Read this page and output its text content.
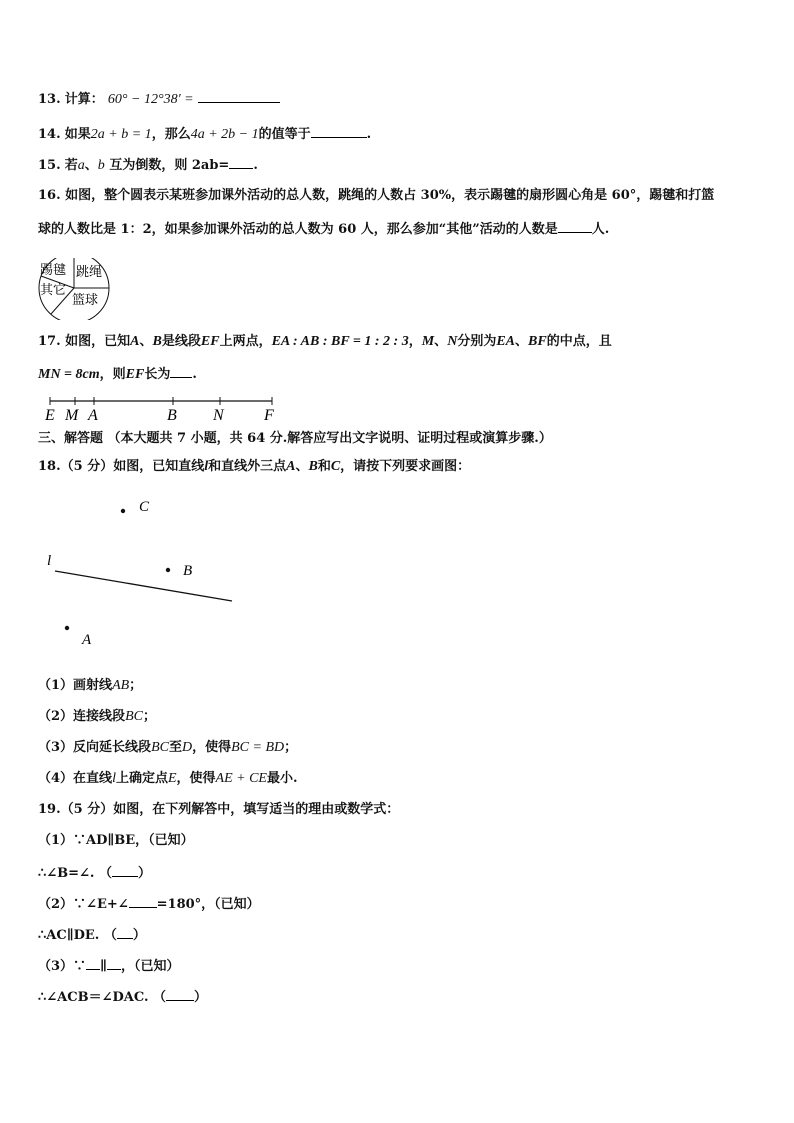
13. 计算： 60° − 12°38′ =
14. 如果2a + b = 1，那么4a + 2b − 1的值等于	.
15. 若a、b 互为倒数，则 2ab= .
16. 如图，整个圆表示某班参加课外活动的总人数，跳绳的人数占 30%，表示踢毽的扇形圆心角是 60°，踢毽和打篮
球的人数比是 1：2，如果参加课外活动的总人数为 60 人，那么参加“其他”活动的人数是	人.
踢毽 跳绳
其它
篮球
17. 如图，已知A、B是线段EF上两点，EA : AB : BF = 1 : 2 : 3，M、N分别为EA、BF的中点，且
MN = 8cm，则EF长为 .
E M A	B N	F
三、解答题 （本大题共 7 小题，共 64 分.解答应写出文字说明、证明过程或演算步骤.）
18.（5 分）如图，已知直线l和直线外三点A、B和C，请按下列要求画图：
C
l
B
A
（1）画射线AB；
（2）连接线段BC；
（3）反向延长线段BC至D，使得BC = BD；
（4）在直线l上确定点E，使得AE + CE最小.
19.（5 分）如图，在下列解答中，填写适当的理由或数学式：
（1）∵AD∥BE，（已知）
∴∠B=∠. （ ）
（2）∵∠E+∠ =180°，（已知）
∴AC∥DE. （ ）
（3）∵ ∥ ，（已知）
∴∠ACB＝∠DAC. （ ）
